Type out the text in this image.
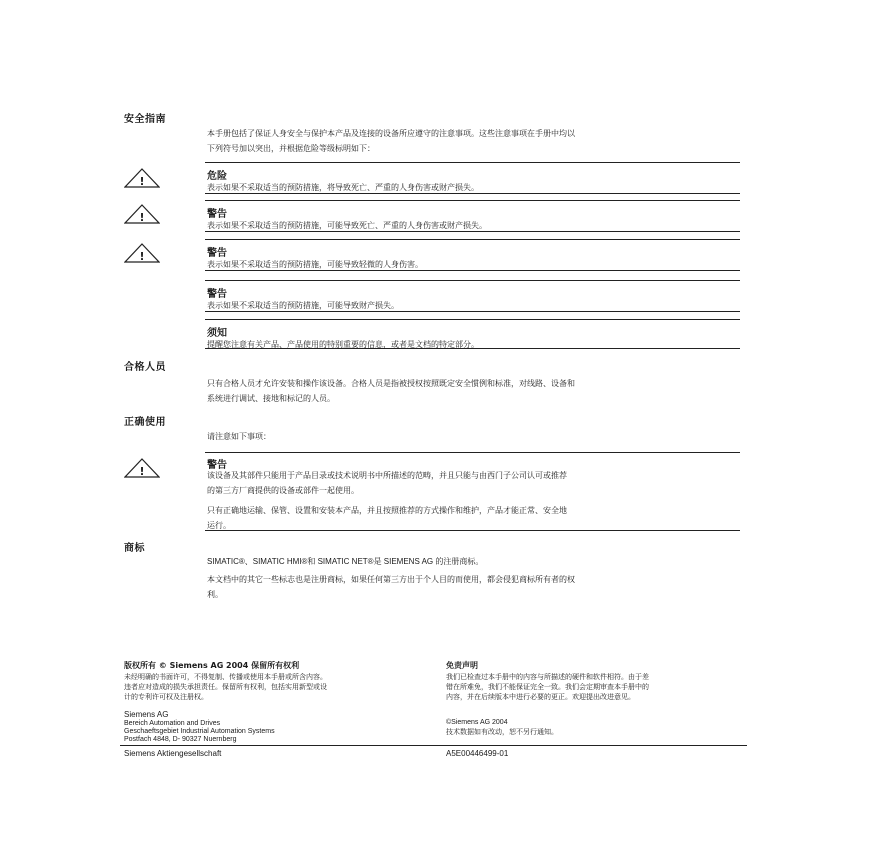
安全指南
本手册包括了保证人身安全与保护本产品及连接的设备所应遵守的注意事项。这些注意事项在手册中均以
下列符号加以突出，并根据危险等级标明如下：
!	危险
表示如果不采取适当的预防措施，将导致死亡、严重的人身伤害或财产损失。
!	警告
表示如果不采取适当的预防措施，可能导致死亡、严重的人身伤害或财产损失。
!	警告
表示如果不采取适当的预防措施，可能导致轻微的人身伤害。
警告
表示如果不采取适当的预防措施，可能导致财产损失。
须知
提醒您注意有关产品、产品使用的特别重要的信息，或者是文档的特定部分。
合格人员
只有合格人员才允许安装和操作该设备。合格人员是指被授权按照既定安全惯例和标准，对线路、设备和
系统进行调试、接地和标记的人员。
正确使用
请注意如下事项：
!	警告
该设备及其部件只能用于产品目录或技术说明书中所描述的范畴，并且只能与由西门子公司认可或推荐
的第三方厂商提供的设备或部件一起使用。
只有正确地运输、保管、设置和安装本产品，并且按照推荐的方式操作和维护，产品才能正常、安全地
运行。
商标
SIMATIC®、SIMATIC HMI®和 SIMATIC NET®是 SIEMENS AG 的注册商标。
本文档中的其它一些标志也是注册商标，如果任何第三方出于个人目的而使用，都会侵犯商标所有者的权
利。
版权所有 © Siemens AG 2004 保留所有权利
未经明确的书面许可，不得复制、传播或使用本手册或所含内容。
违者应对造成的损失承担责任。保留所有权利，包括实用新型或设
计的专利许可权及注册权。
Siemens AG
Bereich Automation and Drives
Geschaeftsgebiet Industrial Automation Systems
Postfach 4848, D- 90327 Nuernberg
免责声明
我们已检查过本手册中的内容与所描述的硬件和软件相符。由于差
错在所难免，我们不能保证完全一致。我们会定期审查本手册中的
内容，并在后续版本中进行必要的更正。欢迎提出改进意见。
©Siemens AG 2004
技术数据如有改动，恕不另行通知。
Siemens Aktiengesellschaft	A5E00446499-01
